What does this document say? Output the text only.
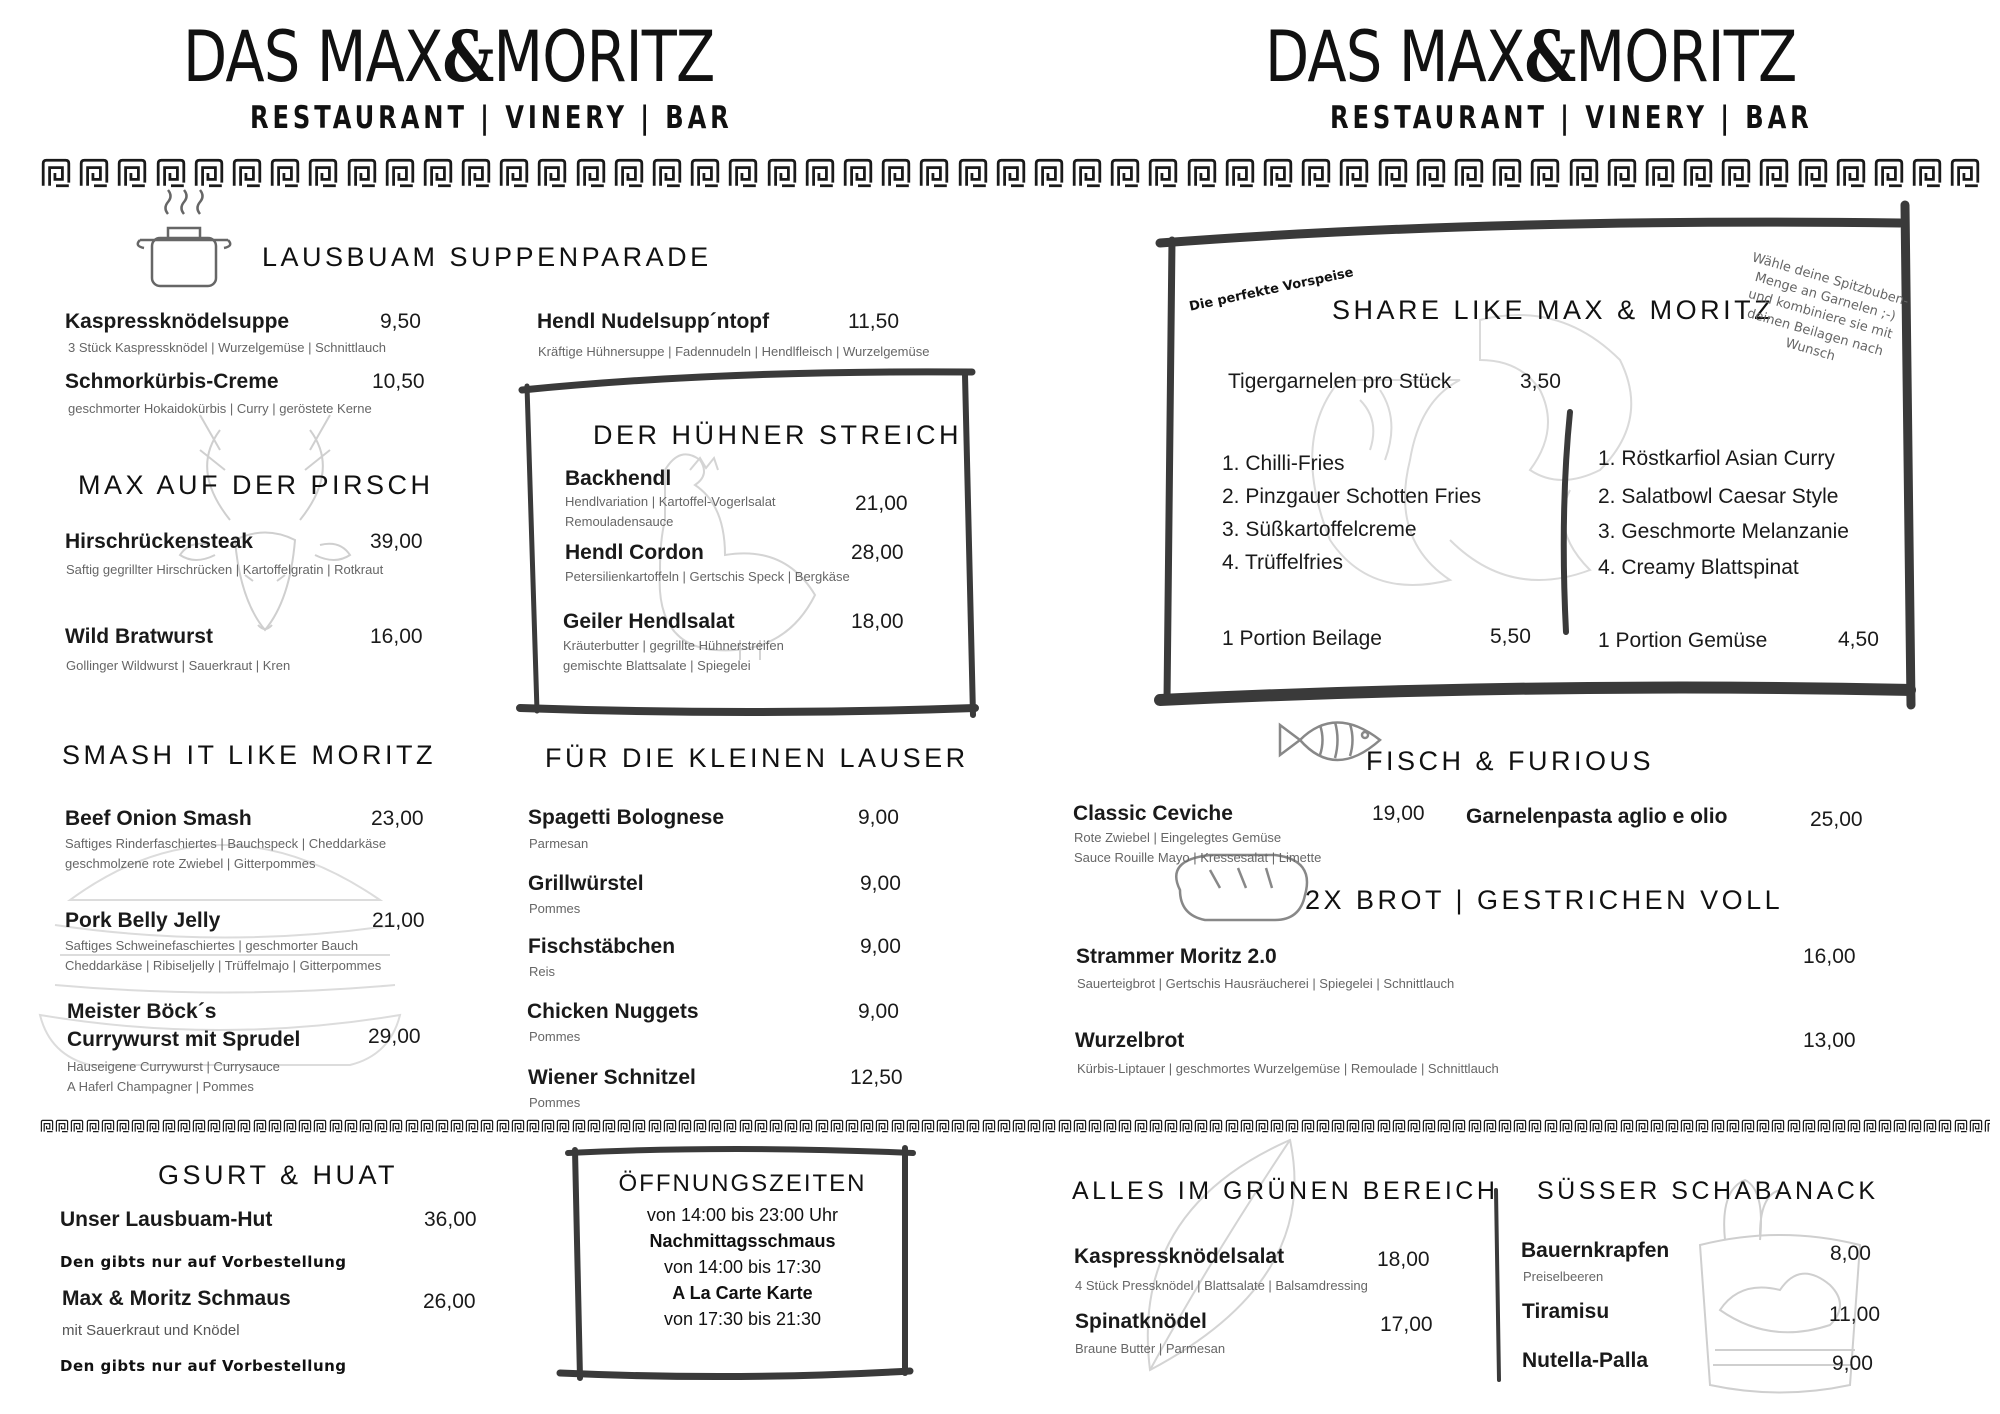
DAS MAX&MORITZ
RESTAURANT | VINERY | BAR
DAS MAX&MORITZ
RESTAURANT | VINERY | BAR
LAUSBUAM SUPPENPARADE
Kaspressknödelsuppe	9,50
3 Stück Kaspressknödel | Wurzelgemüse | Schnittlauch
Schmorkürbis-Creme	10,50
geschmorter Hokaidokürbis | Curry | geröstete Kerne
Hendl Nudelsupp´ntopf	11,50
Kräftige Hühnersuppe | Fadennudeln | Hendlfleisch | Wurzelgemüse
MAX AUF DER PIRSCH
Hirschrückensteak	39,00
Saftig gegrillter Hirschrücken | Kartoffelgratin | Rotkraut
Wild Bratwurst	16,00
Gollinger Wildwurst | Sauerkraut | Kren
DER HÜHNER STREICH
Backhendl
Hendlvariation | Kartoffel-Vogerlsalat
Remouladensauce
21,00
Hendl Cordon	28,00
Petersilienkartoffeln | Gertschis Speck | Bergkäse
Geiler Hendlsalat	18,00
Kräuterbutter | gegrillte Hühnerstreifen
gemischte Blattsalate | Spiegelei
Die perfekte Vorspeise
SHARE LIKE MAX & MORITZ
Wähle deine Spitzbuben-Menge an Garnelen ;-) und kombiniere sie mit deinen Beilagen nach Wunsch
Tigergarnelen pro Stück	3,50
1. Chilli-Fries
2. Pinzgauer Schotten Fries
3. Süßkartoffelcreme
4. Trüffelfries
1 Portion Beilage	5,50
1. Röstkarfiol Asian Curry
2. Salatbowl Caesar Style
3. Geschmorte Melanzanie
4. Creamy Blattspinat
1 Portion Gemüse	4,50
SMASH IT LIKE MORITZ
Beef Onion Smash	23,00
Saftiges Rinderfaschiertes | Bauchspeck | Cheddarkäse
geschmolzene rote Zwiebel | Gitterpommes
Pork Belly Jelly	21,00
Saftiges Schweinefaschiertes | geschmorter Bauch
Cheddarkäse | Ribiseljelly | Trüffelmajo | Gitterpommes
Meister Böck´s
Currywurst mit Sprudel	29,00
Hauseigene Currywurst | Currysauce
A Haferl Champagner | Pommes
FÜR DIE KLEINEN LAUSER
Spagetti Bolognese	9,00
Parmesan
Grillwürstel	9,00
Pommes
Fischstäbchen	9,00
Reis
Chicken Nuggets	9,00
Pommes
Wiener Schnitzel	12,50
Pommes
FISCH & FURIOUS
Classic Ceviche	19,00
Rote Zwiebel | Eingelegtes Gemüse
Sauce Rouille Mayo | Kressesalat | Limette
Garnelenpasta aglio e olio	25,00
2X BROT | GESTRICHEN VOLL
Strammer Moritz 2.0	16,00
Sauerteigbrot | Gertschis Hausräucherei | Spiegelei | Schnittlauch
Wurzelbrot	13,00
Kürbis-Liptauer | geschmortes Wurzelgemüse | Remoulade | Schnittlauch
GSURT & HUAT
Unser Lausbuam-Hut	36,00
Den gibts nur auf Vorbestellung
Max & Moritz Schmaus	26,00
mit Sauerkraut und Knödel
Den gibts nur auf Vorbestellung
ÖFFNUNGSZEITEN
von 14:00 bis 23:00 Uhr
Nachmittagsschmaus
von 14:00 bis 17:30
A La Carte Karte
von 17:30 bis 21:30
ALLES IM GRÜNEN BEREICH
Kaspressknödelsalat	18,00
4 Stück Pressknödel | Blattsalate | Balsamdressing
Spinatknödel	17,00
Braune Butter | Parmesan
SÜSSER SCHABANACK
Bauernkrapfen	8,00
Preiselbeeren
Tiramisu	11,00
Nutella-Palla	9,00
